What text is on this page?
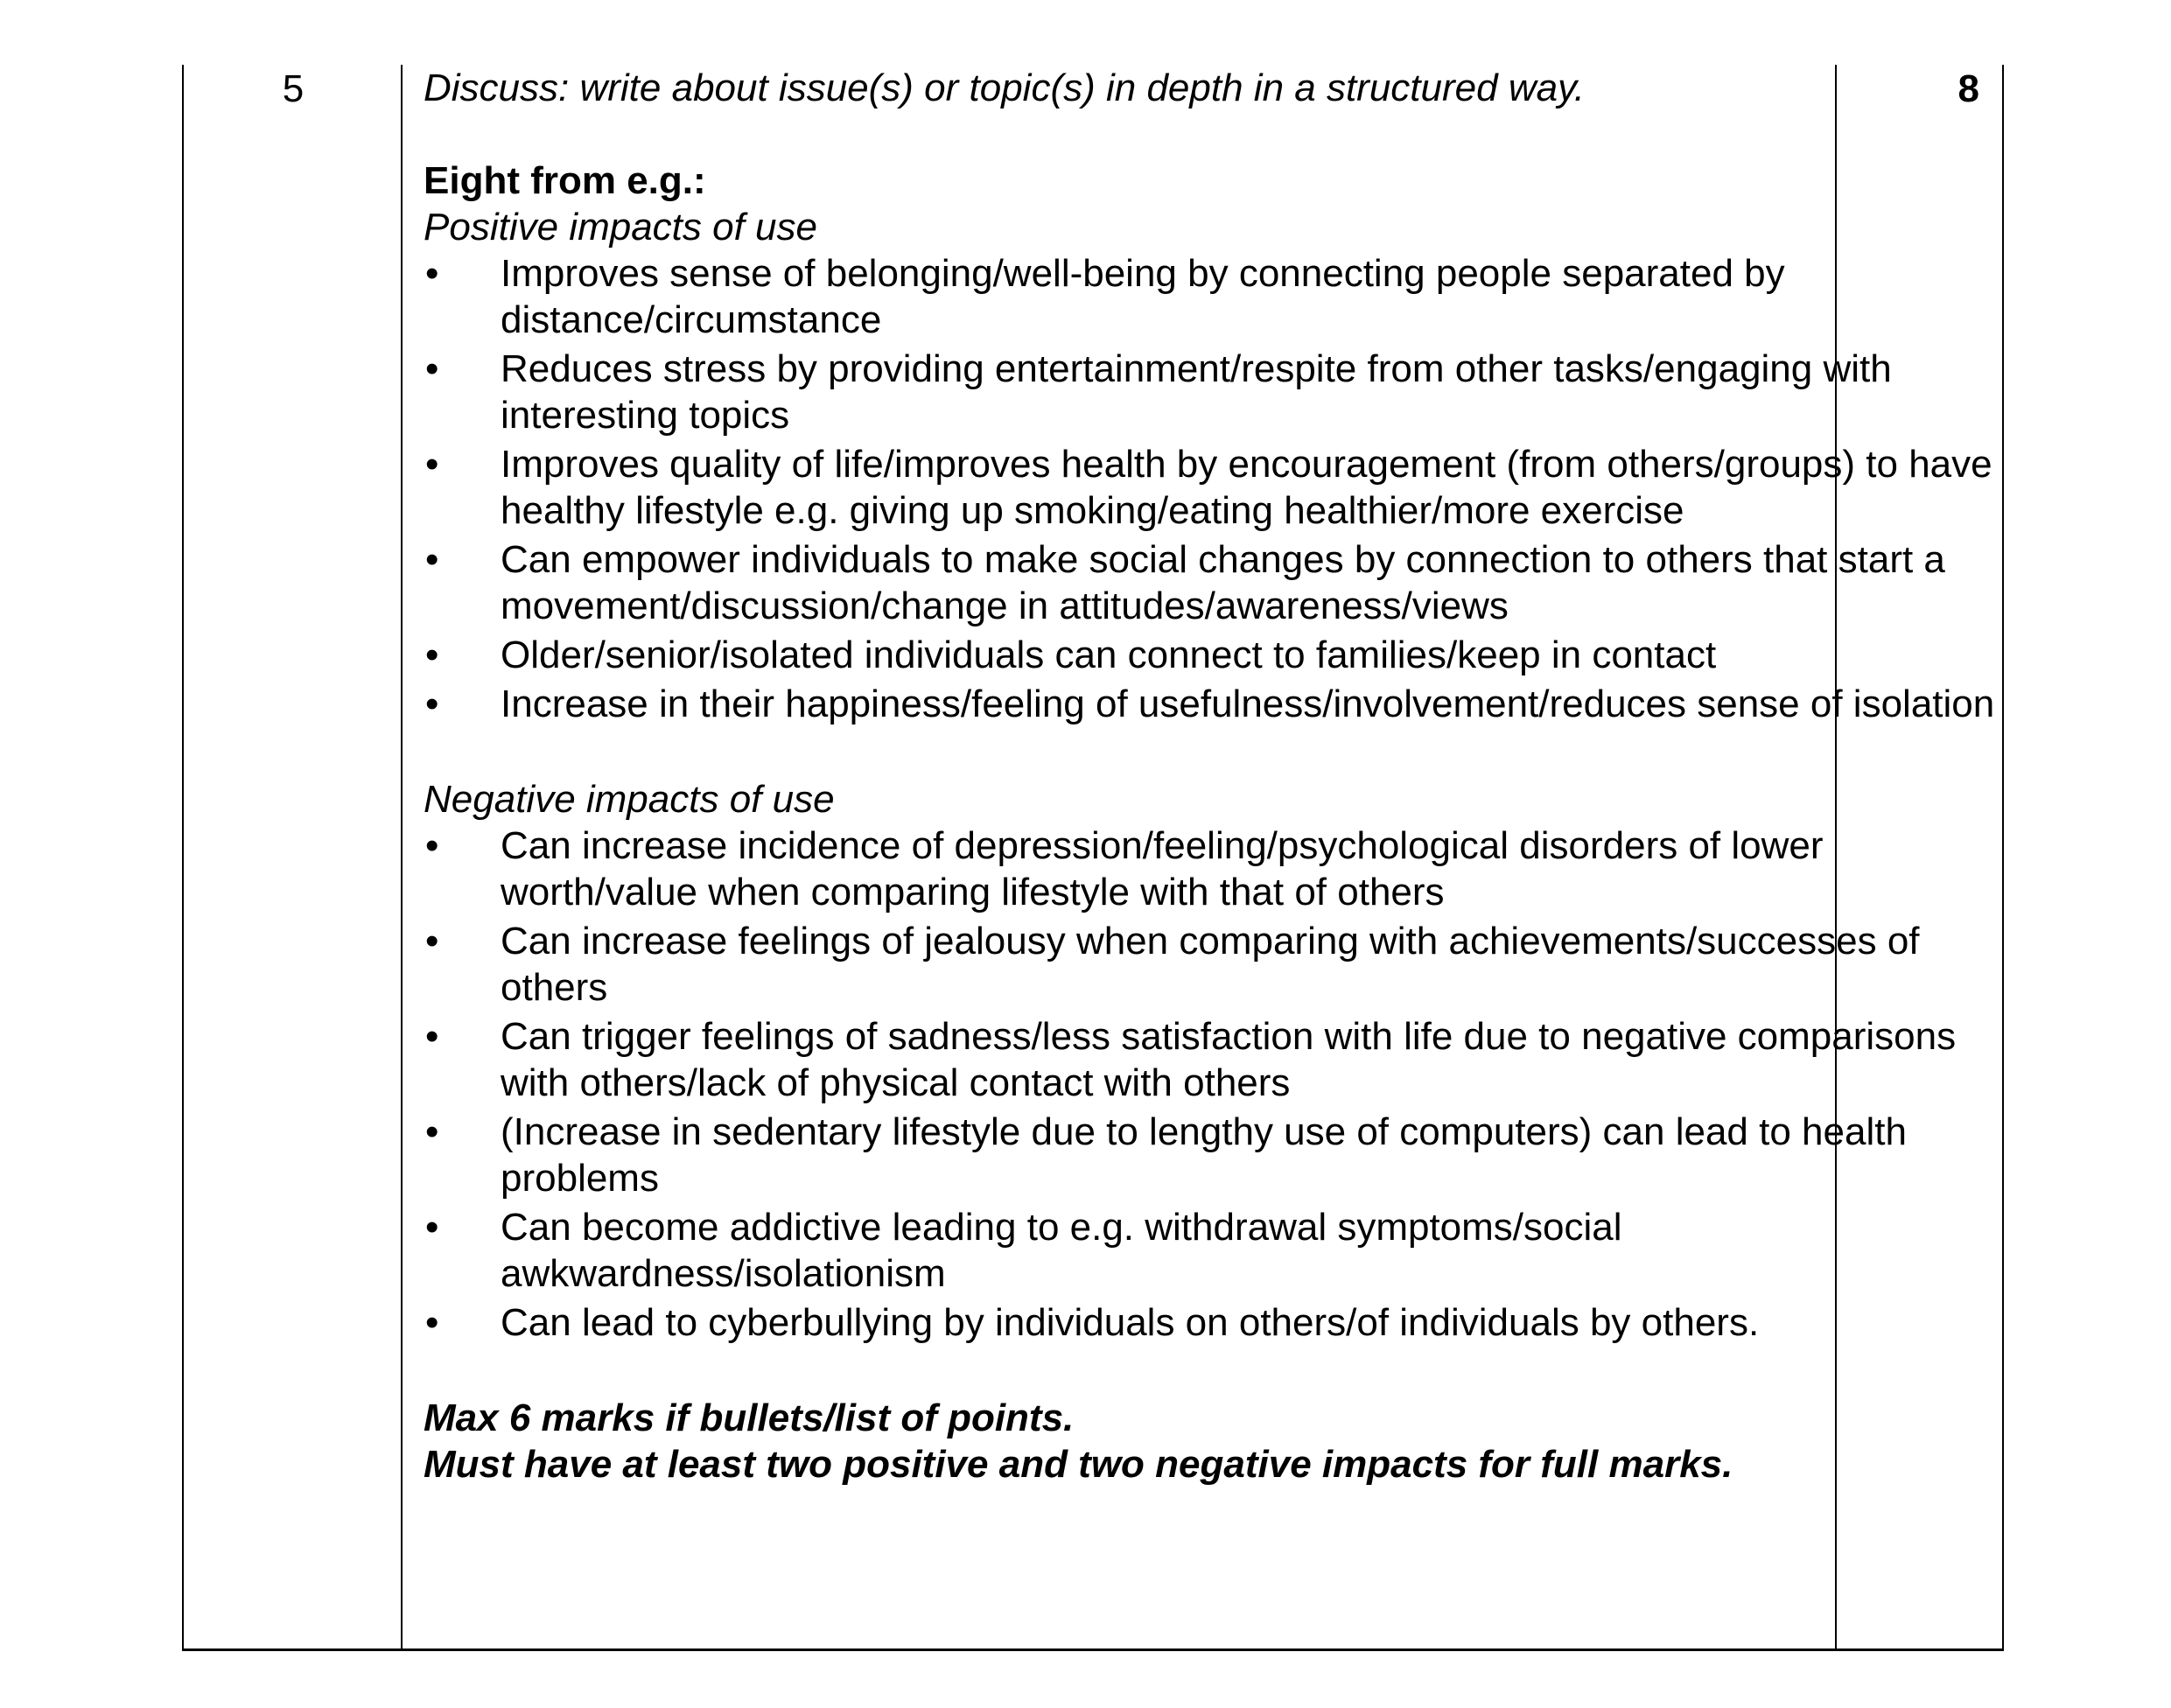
5	Discuss: write about issue(s) or topic(s) in depth in a structured way.

Eight from e.g.:

Positive impacts of use

•	Improves sense of belonging/well-being by connecting people separated by distance/circumstance
•	Reduces stress by providing entertainment/respite from other tasks/engaging with interesting topics
•	Improves quality of life/improves health by encouragement (from others/groups) to have healthy lifestyle e.g. giving up smoking/eating healthier/more exercise
•	Can empower individuals to make social changes by connection to others that start a movement/discussion/change in attitudes/awareness/views
•	Older/senior/isolated individuals can connect to families/keep in contact
•	Increase in their happiness/feeling of usefulness/involvement/reduces sense of isolation

Negative impacts of use

•	Can increase incidence of depression/feeling/psychological disorders of lower worth/value when comparing lifestyle with that of others
•	Can increase feelings of jealousy when comparing with achievements/successes of others
•	Can trigger feelings of sadness/less satisfaction with life due to negative comparisons with others/lack of physical contact with others
•	(Increase in sedentary lifestyle due to lengthy use of computers) can lead to health problems
•	Can become addictive leading to e.g. withdrawal symptoms/social awkwardness/isolationism
•	Can lead to cyberbullying by individuals on others/of individuals by others.

Max 6 marks if bullets/list of points.

Must have at least two positive and two negative impacts for full marks.

8
